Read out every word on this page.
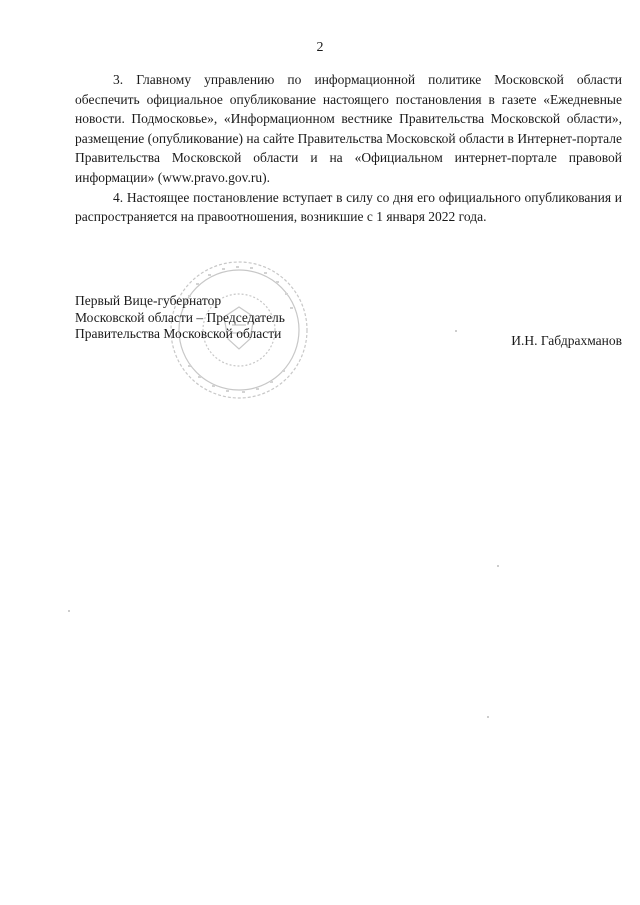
2

3. Главному управлению по информационной политике Московской области обеспечить официальное опубликование настоящего постановления в газете «Ежедневные новости. Подмосковье», «Информационном вестнике Правительства Московской области», размещение (опубликование) на сайте Правительства Московской области в Интернет-портале Правительства Московской области и на «Официальном интернет-портале правовой информации» (www.pravo.gov.ru).

4. Настоящее постановление вступает в силу со дня его официального опубликования и распространяется на правоотношения, возникшие с 1 января 2022 года.

Первый Вице-губернатор
Московской области – Председатель
Правительства Московской области	И.Н. Габдрахманов
